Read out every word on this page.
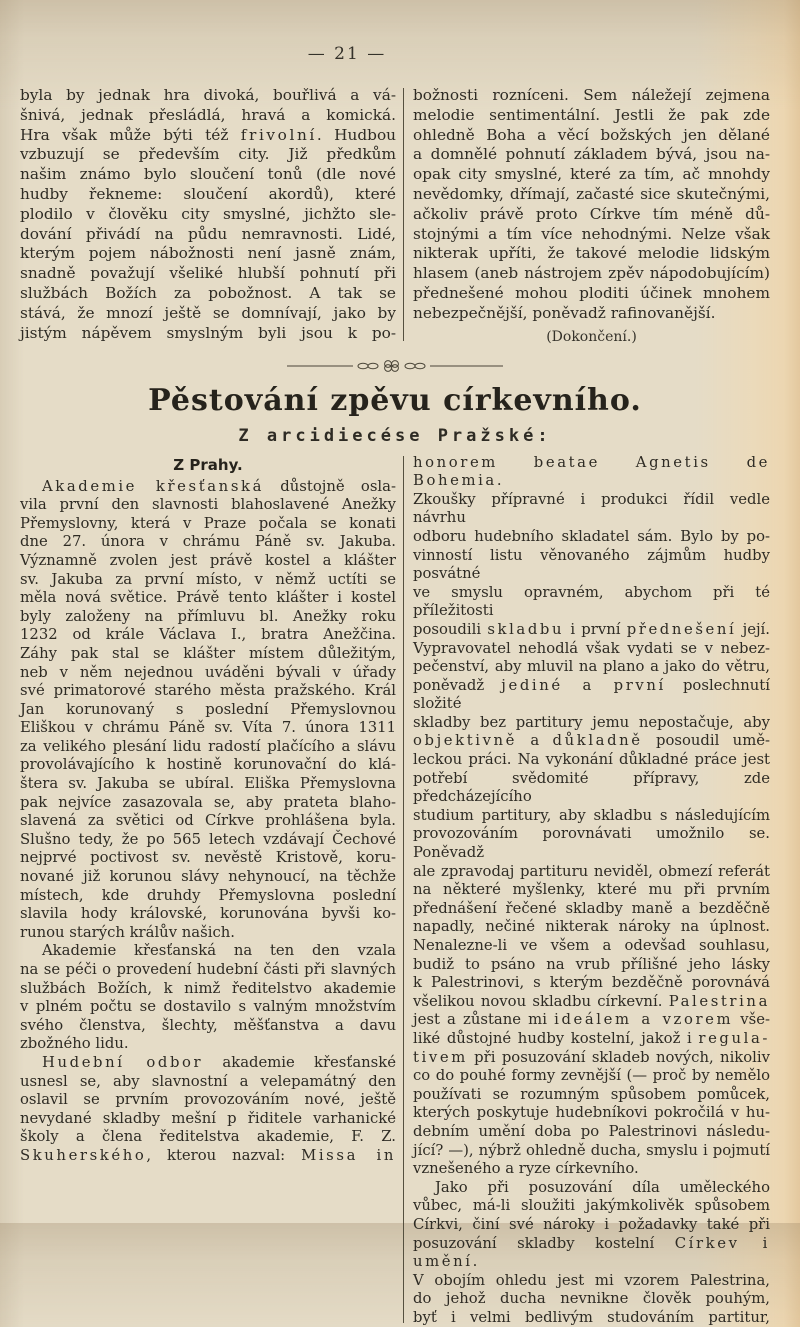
— 21 —
byla by jednak hra divoká, bouřlivá a vá-
šnivá, jednak přesládlá, hravá a komická.
Hra však může býti též frivolní. Hudbou
vzbuzují se především city. Již předkům
našim známo bylo sloučení tonů (dle nové
hudby řekneme: sloučení akordů), které
plodilo v člověku city smyslné, jichžto sle-
dování přivádí na půdu nemravnosti. Lidé,
kterým pojem nábožnosti není jasně znám,
snadně považují všeliké hlubší pohnutí při
službách Božích za pobožnost. A tak se
stává, že mnozí ještě se domnívají, jako by
jistým nápěvem smyslným byli jsou k po-
božnosti rozníceni. Sem náležejí zejmena
melodie sentimentální. Jestli že pak zde
ohledně Boha a věcí božských jen dělané
a domnělé pohnutí základem bývá, jsou na-
opak city smyslné, které za tím, ač mnohdy
nevědomky, dřímají, začasté sice skutečnými,
ačkoliv právě proto Církve tím méně dů-
stojnými a tím více nehodnými. Nelze však
nikterak upříti, že takové melodie lidským
hlasem (aneb nástrojem zpěv nápodobujícím)
přednešené mohou ploditi účinek mnohem
nebezpečnější, poněvadž rafinovanější.
(Dokončení.)
Pěstování zpěvu církevního.
Z arcidiecése Pražské:
Z Prahy.
Akademie křesťanská důstojně osla-
vila první den slavnosti blahoslavené Anežky
Přemyslovny, která v Praze počala se konati
dne 27. února v chrámu Páně sv. Jakuba.
Významně zvolen jest právě kostel a klášter
sv. Jakuba za první místo, v němž uctíti se
měla nová světice. Právě tento klášter i kostel
byly založeny na přímluvu bl. Anežky roku
1232 od krále Václava I., bratra Anežčina.
Záhy pak stal se klášter místem důležitým,
neb v něm nejednou uváděni bývali v úřady
své primatorové starého města pražského. Král
Jan korunovaný s poslední Přemyslovnou
Eliškou v chrámu Páně sv. Víta 7. února 1311
za velikého plesání lidu radostí plačícího a slávu
provolávajícího k hostině korunovační do klá-
štera sv. Jakuba se ubíral. Eliška Přemyslovna
pak nejvíce zasazovala se, aby prateta blaho-
slavená za světici od Církve prohlášena byla.
Slušno tedy, že po 565 letech vzdávají Čechové
nejprvé poctivost sv. nevěstě Kristově, koru-
nované již korunou slávy nehynoucí, na těchže
místech, kde druhdy Přemyslovna poslední
slavila hody královské, korunována byvši ko-
runou starých králův našich.
Akademie křesťanská na ten den vzala
na se péči o provedení hudební části při slavných
službách Božích, k nimž ředitelstvo akademie
v plném počtu se dostavilo s valným množstvím
svého členstva, šlechty, měšťanstva a davu
zbožného lidu.
Hudební odbor akademie křesťanské
usnesl se, aby slavnostní a velepamátný den
oslavil se prvním provozováním nové, ještě
nevydané skladby mešní p řiditele varhanické
školy a člena ředitelstva akademie, F. Z.
Skuherského, kterou nazval: Missa in
honorem beatae Agnetis de Bohemia.
Zkoušky přípravné i produkci řídil vedle návrhu
odboru hudebního skladatel sám. Bylo by po-
vinností listu věnovaného zájmům hudby posvátné
ve smyslu opravném, abychom při té příležitosti
posoudili skladbu i první přednešení její.
Vypravovatel nehodlá však vydati se v nebez-
pečenství, aby mluvil na plano a jako do větru,
poněvadž jediné a první poslechnutí složité
skladby bez partitury jemu nepostačuje, aby
objektivně a důkladně posoudil umě-
leckou práci. Na vykonání důkladné práce jest
potřebí svědomité přípravy, zde předcházejícího
studium partitury, aby skladbu s následujícím
provozováním porovnávati umožnilo se. Poněvadž
ale zpravodaj partituru neviděl, obmezí referát
na některé myšlenky, které mu při prvním
přednášení řečené skladby maně a bezděčně
napadly, nečiné nikterak nároky na úplnost.
Nenalezne-li ve všem a odevšad souhlasu,
budiž to psáno na vrub přílišné jeho lásky
k Palestrinovi, s kterým bezděčně porovnává
všelikou novou skladbu církevní. Palestrina
jest a zůstane mi ideálem a vzorem vše-
liké důstojné hudby kostelní, jakož i regula-
tivem při posuzování skladeb nových, nikoliv
co do pouhé formy zevnější (— proč by nemělo
používati se rozumným spůsobem pomůcek,
kterých poskytuje hudebníkovi pokročilá v hu-
debním umění doba po Palestrinovi následu-
jící? —), nýbrž ohledně ducha, smyslu i pojmutí
vznešeného a ryze církevního.
Jako při posuzování díla uměleckého
vůbec, má-li sloužiti jakýmkolivěk spůsobem
Církvi, činí své nároky i požadavky také při
posuzování skladby kostelní Církev i umění.
V obojím ohledu jest mi vzorem Palestrina,
do jehož ducha nevnikne člověk pouhým,
byť i velmi bedlivým studováním partitur,
